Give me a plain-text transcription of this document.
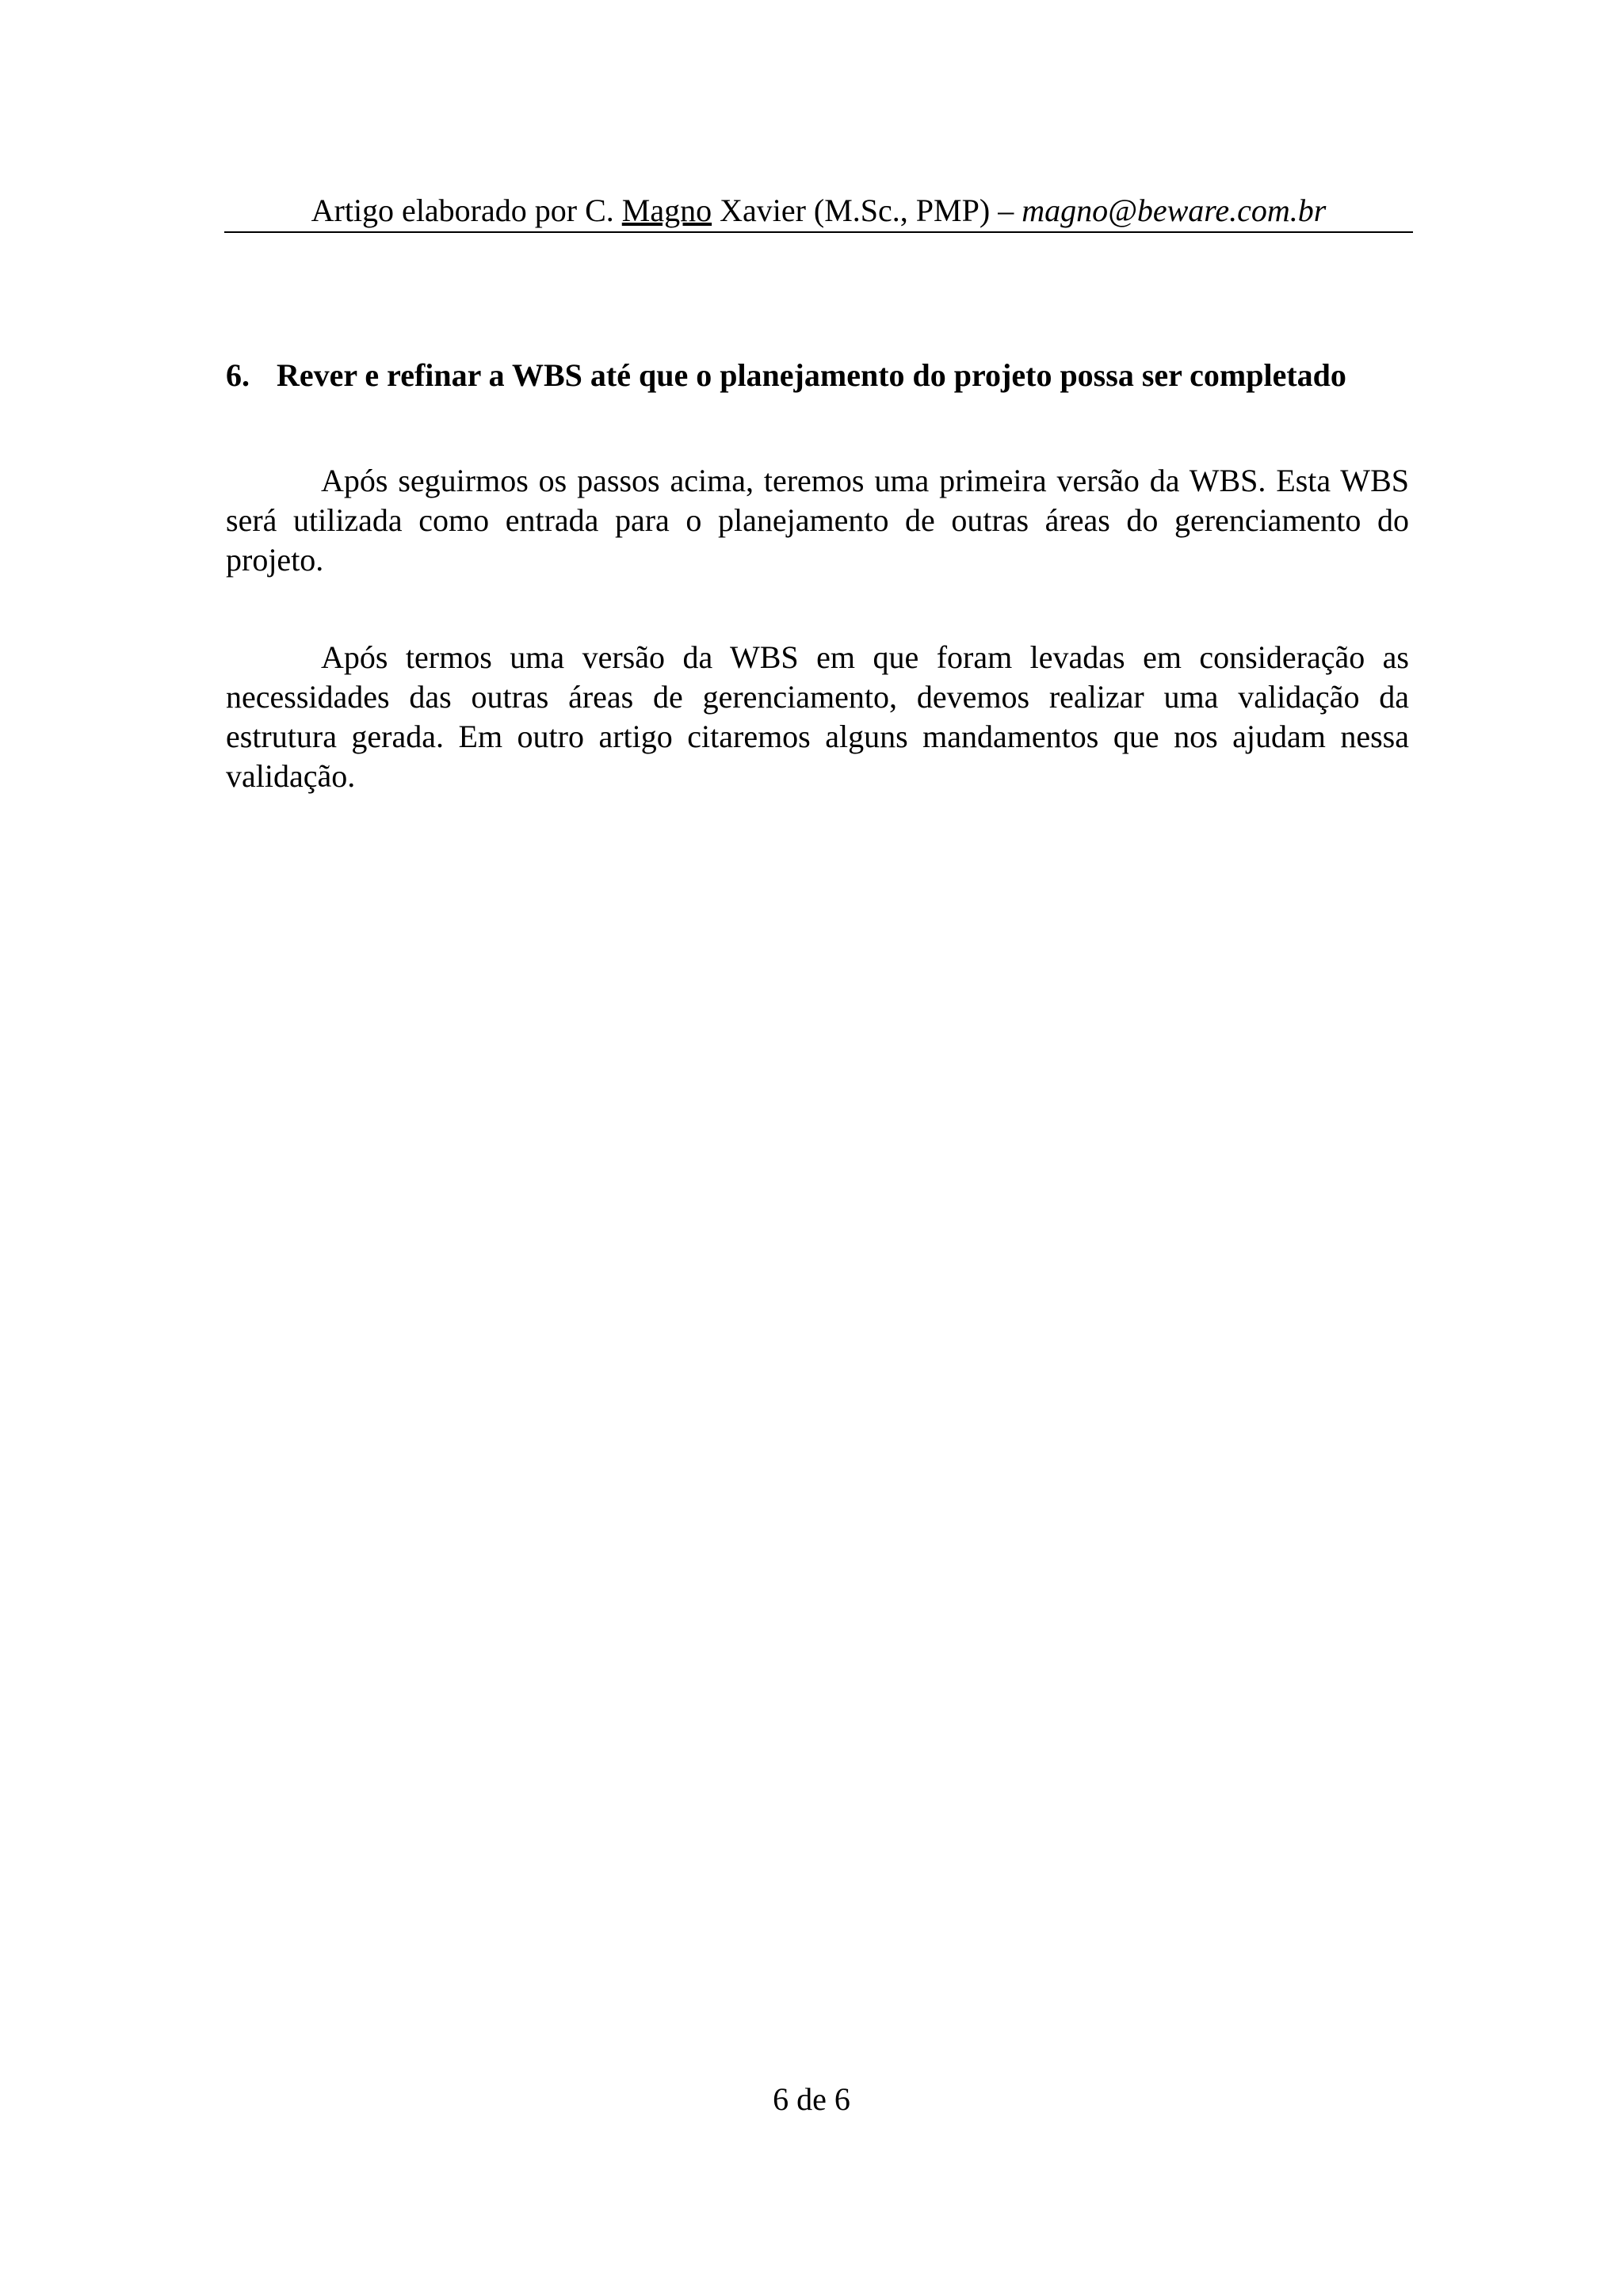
Artigo elaborado por C. Magno Xavier (M.Sc., PMP) – magno@beware.com.br
6. Rever e refinar a WBS até que o planejamento do projeto possa ser completado

Após seguirmos os passos acima, teremos uma primeira versão da WBS. Esta WBS será utilizada como entrada para o planejamento de outras áreas do gerenciamento do projeto.

Após termos uma versão da WBS em que foram levadas em consideração as necessidades das outras áreas de gerenciamento, devemos realizar uma validação da estrutura gerada. Em outro artigo citaremos alguns mandamentos que nos ajudam nessa validação.

6 de 6
